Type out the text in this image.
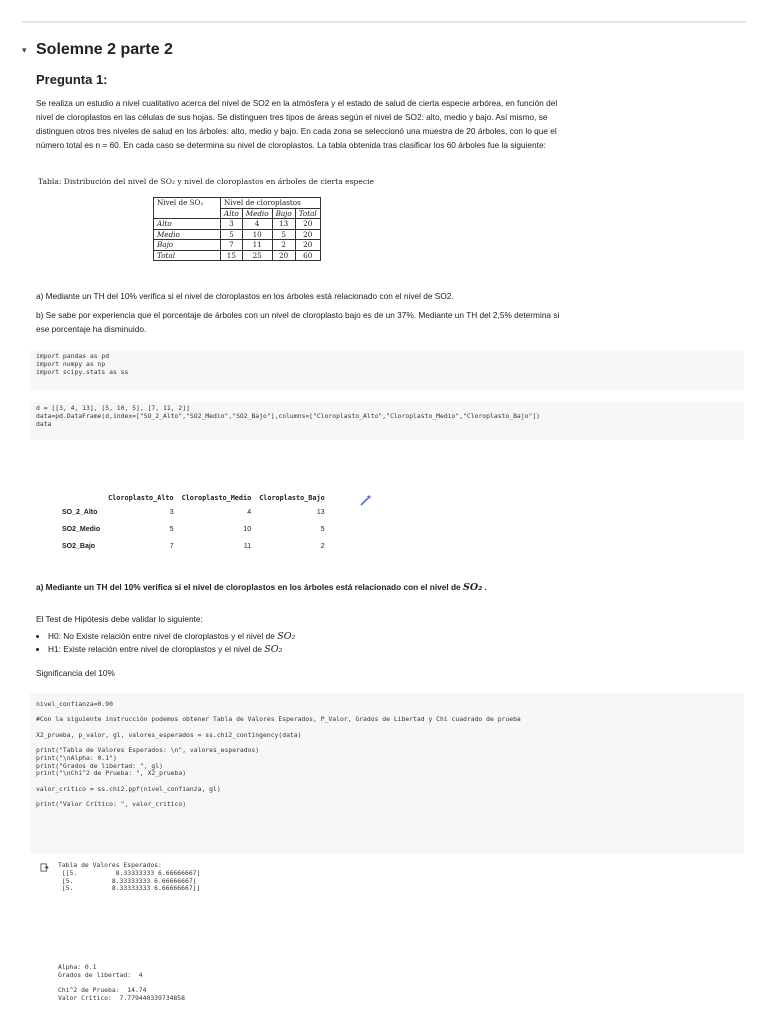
▾ Solemne 2 parte 2
Pregunta 1:
Se realiza un estudio a nivel cualitativo acerca del nivel de SO2 en la atmósfera y el estado de salud de cierta especie arbórea, en función del
nivel de cloroplastos en las células de sus hojas. Se distinguen tres tipos de áreas según el nivel de SO2: alto, medio y bajo. Así mismo, se
distinguen otros tres niveles de salud en los árboles: alto, medio y bajo. En cada zona se seleccionó una muestra de 20 árboles, con lo que el
número total es n = 60. En cada caso se determina su nivel de cloroplastos. La tabla obtenida tras clasificar los 60 árboles fue la siguiente:
Tabla: Distribución del nivel de SO₂ y nivel de cloroplastos en árboles de cierta especie
Nivel de SO₂	Nivel de cloroplastos			
	Alto	Medio	Bajo	Total
Alto	3	4	13	20
Medio	5	10	5	20
Bajo	7	11	2	20
Total	15	25	20	60
a) Mediante un TH del 10% verifica si el nivel de cloroplastos en los árboles está relacionado con el nivel de SO2.
b) Se sabe por experiencia que el porcentaje de árboles con un nivel de cloroplasto bajo es de un 37%. Mediante un TH del 2,5% determina si
ese porcentaje ha disminuido.
import pandas as pd
import numpy as np
import scipy.stats as ss
d = [[3, 4, 13], [5, 10, 5], [7, 11, 2]]
data=pd.DataFrame(d,index=["SO_2_Alto","SO2_Medio","SO2_Bajo"],columns=["Cloroplasto_Alto","Cloroplasto_Medio","Cloroplasto_Bajo"])
data
	Cloroplasto_Alto	Cloroplasto_Medio	Cloroplasto_Bajo
SO_2_Alto	3	4	13
SO2_Medio	5	10	5
SO2_Bajo	7	11	2
a) Mediante un TH del 10% verifica si el nivel de cloroplastos en los árboles está relacionado con el nivel de SO₂ .
El Test de Hipótesis debe validar lo siguiente:
• H0: No Existe relación entre nivel de cloroplastos y el nivel de SO₂
• H1: Existe relación entre nivel de cloroplastos y el nivel de SO₂
Significancia del 10%
nivel_confianza=0.90

#Con la siguiente instrucción podemos obtener Tabla de Valores Esperados, P_Valor, Grados de Libertad y Chi cuadrado de prueba

X2_prueba, p_valor, gl, valores_esperados = ss.chi2_contingency(data)

print("Tabla de Valores Esperados: \n", valores_esperados)
print("\nAlpha: 0.1")
print("Grados de libertad: ", gl)
print("\nChi^2 de Prueba: ", X2_prueba)

valor_critico = ss.chi2.ppf(nivel_confianza, gl)

print("Valor Crítico: ", valor_critico)
Tabla de Valores Esperados:
[[5.          8.33333333 6.66666667]
[5.          8.33333333 6.66666667]
[5.          8.33333333 6.66666667]]
Alpha: 0.1
Grados de libertad:  4

Chi^2 de Prueba:  14.74
Valor Crítico:  7.779440339734858
